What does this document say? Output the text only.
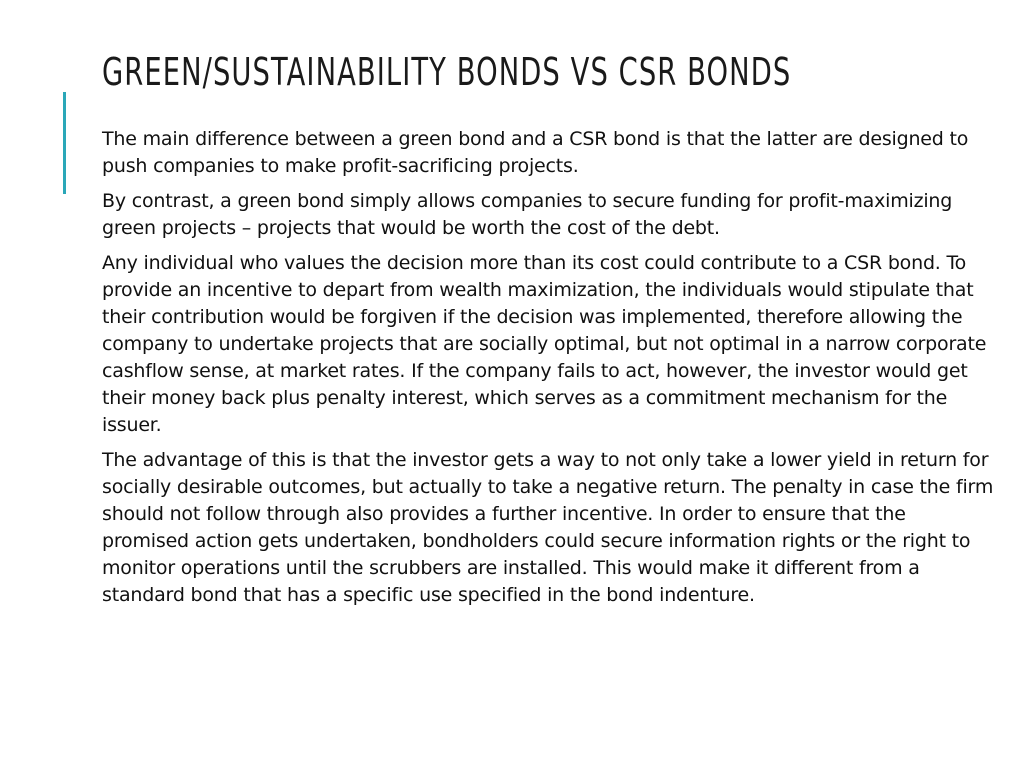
GREEN/SUSTAINABILITY BONDS VS CSR BONDS

The main difference between a green bond and a CSR bond is that the latter are designed to push companies to make profit-sacrificing projects.

By contrast, a green bond simply allows companies to secure funding for profit-maximizing green projects – projects that would be worth the cost of the debt.

Any individual who values the decision more than its cost could contribute to a CSR bond. To provide an incentive to depart from wealth maximization, the individuals would stipulate that their contribution would be forgiven if the decision was implemented, therefore allowing the company to undertake projects that are socially optimal, but not optimal in a narrow corporate cashflow sense, at market rates. If the company fails to act, however, the investor would get their money back plus penalty interest, which serves as a commitment mechanism for the issuer.

The advantage of this is that the investor gets a way to not only take a lower yield in return for socially desirable outcomes, but actually to take a negative return. The penalty in case the firm should not follow through also provides a further incentive. In order to ensure that the promised action gets undertaken, bondholders could secure information rights or the right to monitor operations until the scrubbers are installed. This would make it different from a standard bond that has a specific use specified in the bond indenture.
